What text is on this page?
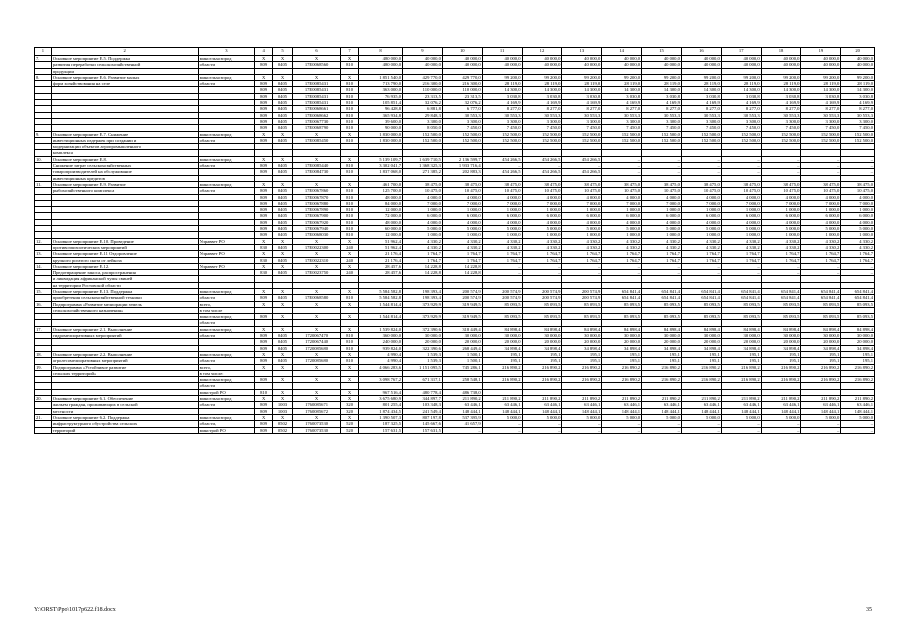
1	2	3	4	5	6	7	8	9	10	11	12	13	14	15	16	17	18	19	20
7.	Основное мероприятие Е.5. Поддержка	минсельхозпрод	Х	Х	Х	Х	480 000,0	40 000,0	40 000,0	40 000,0	40 000,0	40 000,0	40 000,0	40 000,0	40 000,0	40 000,0	40 000,0	40 000,0	40 000,0
	развития переработки сельскохозяйственной	области	809	0405	17Е0068560	810	480 000,0	40 000,0	40 000,0	40 000,0	40 000,0	40 000,0	40 000,0	40 000,0	40 000,0	40 000,0	40 000,0	40 000,0	40 000,0
	продукции																		
8.	Основное мероприятие Е.6. Развитие малых	минсельхозпрод	Х	Х	Х	Х	1 851 540,0	429 770,0	429 770,0	99 200,0	99 200,0	99 200,0	99 200,0	99 200,0	99 200,0	99 200,0	99 200,0	99 200,0	99 200,0
	форм хозяйствования на селе	области	809	0405	17Е0085431	810	713 790,0	216 300,0	216 300,0	28 119,0	28 119,0	28 119,0	28 119,0	28 119,0	28 119,0	28 119,0	28 119,0	28 119,0	28 119,0
			809	0405	17Е0085431	810	363 000,0	110 000,0	110 000,0	14 300,0	14 300,0	14 300,0	14 300,0	14 300,0	14 300,0	14 300,0	14 300,0	14 300,0	14 300,0
			809	0405	17Е0085431	810	76 935,0	23 313,5	23 313,5	3 030,8	3 030,8	3 030,8	3 030,8	3 030,8	3 030,8	3 030,8	3 030,8	3 030,8	3 030,8
			809	0405	17Е0085431	810	105 851,4	32 076,2	32 076,2	4 169,9	4 169,9	4 169,9	4 169,9	4 169,9	4 169,9	4 169,9	4 169,9	4 169,9	4 169,9
			809	0405	17Е0068661	810	96 428,8	6 881,8	6 777,0	8 277,0	8 277,0	8 277,0	8 277,0	8 277,0	8 277,0	8 277,0	8 277,0	8 277,0	8 277,0
			809	0405	17Е0068662	810	365 934,8	29 848,3	30 553,3	30 553,3	30 553,3	30 553,3	30 553,3	30 553,3	30 553,3	30 553,3	30 553,3	30 553,3	30 553,3
			809	0405	17Е0067730	810	39 600,0	3 300,0	3 300,0	3 300,0	3 300,0	3 300,0	3 300,0	3 300,0	3 300,0	3 300,0	3 300,0	3 300,0	3 300,0
			809	0405	17Е0068790	810	90 000,0	8 050,0	7 450,0	7 450,0	7 450,0	7 450,0	7 450,0	7 450,0	7 450,0	7 450,0	7 450,0	7 450,0	7 450,0
9.	Основное мероприятие Е.7. Снижение	минсельхозпрод	Х	Х	Х	Х	1 830 000,0	152 500,0	152 500,0	152 500,0	152 500,0	152 500,0	152 500,0	152 500,0	152 500,0	152 500,0	152 500,0	152 500,0	152 500,0
	инвестиционных издержек при создании и	области	809	0405	17Е0085450	810	1 830 000,0	152 500,0	152 500,0	152 500,0	152 500,0	152 500,0	152 500,0	152 500,0	152 500,0	152 500,0	152 500,0	152 500,0	152 500,0
	модернизации объектов агропромышленного																		
	комплекса																		
10.	Основное мероприятие Е.8.	минсельхозпрод	Х	Х	Х	Х	5 139 109,7	1 639 710,5	2 136 599,7	454 266,5	454 266,5	454 266,5	–	–	–	–	–	–	–
	Снижение затрат сельскохозяйственных	области	809	0405	17Е0085440	810	3 302 041,7	1 368 325,3	1 933 716,4	–	–	–	–	–	–	–	–	–	–
	товаропроизводителей на обслуживание		809	0405	17Е0084730	810	1 837 068,0	271 385,2	202 883,3	454 266,5	454 266,5	454 266,5	–	–	–	–	–	–	–
	инвестиционных кредитов																		
11.	Основное мероприятие Е.9. Развитие	минсельхозпрод	Х	Х	Х	Х	461 700,0	38 475,0	38 475,0	38 475,0	38 475,0	38 475,0	38 475,0	38 475,0	38 475,0	38 475,0	38 475,0	38 475,0	38 475,0
	рыбохозяйственного комплекса	области	809	0405	17Е0067860	810	125 700,0	10 475,0	10 475,0	10 475,0	10 475,0	10 475,0	10 475,0	10 475,0	10 475,0	10 475,0	10 475,0	10 475,0	10 475,0
			809	0405	17Е0067870	810	48 000,0	4 000,0	4 000,0	4 000,0	4 000,0	4 000,0	4 000,0	4 000,0	4 000,0	4 000,0	4 000,0	4 000,0	4 000,0
			809	0405	17Е0067880	810	84 000,0	7 000,0	7 000,0	7 000,0	7 000,0	7 000,0	7 000,0	7 000,0	7 000,0	7 000,0	7 000,0	7 000,0	7 000,0
			809	0405	17Е0067890	810	12 000,0	1 000,0	1 000,0	1 000,0	1 000,0	1 000,0	1 000,0	1 000,0	1 000,0	1 000,0	1 000,0	1 000,0	1 000,0
			809	0405	17Е0067900	810	72 000,0	6 000,0	6 000,0	6 000,0	6 000,0	6 000,0	6 000,0	6 000,0	6 000,0	6 000,0	6 000,0	6 000,0	6 000,0
			809	0405	17Е0067920	810	48 000,0	4 000,0	4 000,0	4 000,0	4 000,0	4 000,0	4 000,0	4 000,0	4 000,0	4 000,0	4 000,0	4 000,0	4 000,0
			809	0405	17Е0067940	810	60 000,0	5 000,0	5 000,0	5 000,0	5 000,0	5 000,0	5 000,0	5 000,0	5 000,0	5 000,0	5 000,0	5 000,0	5 000,0
			809	0405	17Е0068030	810	12 000,0	1 000,0	1 000,0	1 000,0	1 000,0	1 000,0	1 000,0	1 000,0	1 000,0	1 000,0	1 000,0	1 000,0	1 000,0
12.	Основное мероприятие Е.10. Проведение	Управвет РО	Х	Х	Х	Х	51 962,4	4 330,2	4 330,2	4 330,2	4 330,2	4 330,2	4 330,2	4 330,2	4 330,2	4 330,2	4 330,2	4 330,2	4 330,2
	противоэпизоотических мероприятий		830	0405	17Е0022300	240	51 962,4	4 330,2	4 330,2	4 330,2	4 330,2	4 330,2	4 330,2	4 330,2	4 330,2	4 330,2	4 330,2	4 330,2	4 330,2
13.	Основное мероприятие Е.11 Оздоровление	Управвет РО	Х	Х	Х	Х	21 176,4	1 764,7	1 764,7	1 764,7	1 764,7	1 764,7	1 764,7	1 764,7	1 764,7	1 764,7	1 764,7	1 764,7	1 764,7
	крупного рогатого скота от лейкоза		830	0405	17Е0022310	240	21 176,4	1 764,7	1 764,7	1 764,7	1 764,7	1 764,7	1 764,7	1 764,7	1 764,7	1 764,7	1 764,7	1 764,7	1 764,7
14.	Основное мероприятие Е.12.	Управвет РО	Х	Х	Х	Х	28 457,6	14 228,8	14 228,8	–	–	–	–	–	–	–	–	–	–
	Предотвращение заноса, распространения		830	0405	17Е0023750	240	28 457,6	14 228,8	14 228,8	–	–	–	–	–	–	–	–	–	–
	и ликвидация африканской чумы свиней																		
	на территории Ростовской области																		
15.	Основное мероприятие Е.13. Поддержка	минсельхозпрод	Х	Х	Х	Х	5 584 582,8	198 393,4	200 574,9	200 574,9	200 574,9	200 574,9	654 841,4	654 841,4	654 841,4	654 841,4	654 841,4	654 841,4	654 841,4
	приобретения сельскохозяйственной техники	области	809	0405	17Е0068580	810	5 584 582,8	198 393,4	200 574,9	200 574,9	200 574,9	200 574,9	654 841,4	654 841,4	654 841,4	654 841,4	654 841,4	654 841,4	654 841,4
16.	Подпрограмма «Развитие мелиорации земель	всего,	Х	Х	Х	Х	1 544 814,4	373 929,9	319 949,5	85 093,5	85 093,5	85 093,5	85 093,5	85 093,5	85 093,5	85 093,5	85 093,5	85 093,5	85 093,5
	сельскохозяйственного назначения»	в том числе																	
		минсельхозпрод	809	Х	Х	Х	1 544 814,4	373 929,9	319 949,5	85 093,5	85 093,5	85 093,5	85 093,5	85 093,5	85 093,5	85 093,5	85 093,5	85 093,5	85 093,5
		области																	
17.	Основное мероприятие 2.1. Выполнение	минсельхозпрод	Х	Х	Х	Х	1 539 824,0	372 390,6	318 449,4	84 898,4	84 898,4	84 898,4	84 898,4	84 898,4	84 898,4	84 898,4	84 898,4	84 898,4	84 898,4
	гидромелиоративных мероприятий	области	809	0405	1720067470	810	360 000,0	30 000,0	30 000,0	30 000,0	30 000,0	30 000,0	30 000,0	30 000,0	30 000,0	30 000,0	30 000,0	30 000,0	30 000,0
			809	0405	1720067440	810	240 000,0	20 000,0	20 000,0	20 000,0	20 000,0	20 000,0	20 000,0	20 000,0	20 000,0	20 000,0	20 000,0	20 000,0	20 000,0
			809	0405	1720085680	810	939 824,0	322 390,6	268 449,4	34 898,4	34 898,4	34 898,4	34 898,4	34 898,4	34 898,4	34 898,4	34 898,4	34 898,4	34 898,4
18.	Основное мероприятие 2.2. Выполнение	минсельхозпрод	Х	Х	Х	Х	4 990,4	1 539,3	1 500,1	195,1	195,1	195,1	195,1	195,1	195,1	195,1	195,1	195,1	195,1
	агролесомелиоративных мероприятий	области	809	0405	1720085680	810	4 990,4	1 539,3	1 500,1	195,1	195,1	195,1	195,1	195,1	195,1	195,1	195,1	195,1	195,1
19.	Подпрограмма «Устойчивое развитие	всего,	Х	Х	Х	Х	4 066 283,6	1 151 095,5	745 286,1	216 890,2	216 890,2	216 890,2	216 890,2	216 890,2	216 890,2	216 890,2	216 890,2	216 890,2	216 890,2
	сельских территорий»	в том числе:																	
		минсельхозпрод	809	Х	Х	Х	3 098 767,2	671 317,1	258 548,1	216 890,2	216 890,2	216 890,2	216 890,2	216 890,2	216 890,2	216 890,2	216 890,2	216 890,2	216 890,2
		области																	
		минстрой РО	810	Х	Х	Х	967 516,4	480 778,4	486 738,0										
20.	Основное мероприятие 6.1. Обеспечение	минсельхозпрод	Х	Х	Х	Х	3 675 680,9	344 897,7	211 890,2	211 890,2	211 890,2	211 890,2	211 890,2	211 890,2	211 890,2	211 890,2	211 890,2	211 890,2	211 890,2
	жильем граждан, проживающих в сельской	области	809	1003	1760085671	320	801 255,4	103 348,3	63 446,1	63 446,1	63 446,1	63 446,1	63 446,1	63 446,1	63 446,1	63 446,1	63 446,1	63 446,1	63 446,1
	местности		809	1003	1760085672	320	1 874 434,5	241 549,4	148 444,1	148 444,1	148 444,1	148 444,1	148 444,1	148 444,1	148 444,1	148 444,1	148 444,1	148 444,1	148 444,1
21.	Основное мероприятие 6.2. Поддержка	минсельхозпрод	Х	Х	Х	Х	1 390 507,3	807 197,8	537 395,9	5 000,0	5 000,0	5 000,0	5 000,0	5 000,0	5 000,0	5 000,0	5 000,0	5 000,0	5 000,0
	инфраструктурного обустройства сельских	области,	809	0502	1760073530	520	187 325,5	145 667,6	41 657,9	–	–	–	–	–	–	–	–	–	–
	территорий	минстрой РО	809	0502	1760073530	520	157 631,5	157 631,5	–	–	–	–	–	–	–	–	–	–	–
Y:\ORST\Ppo\1017p622.f18.docx	35
